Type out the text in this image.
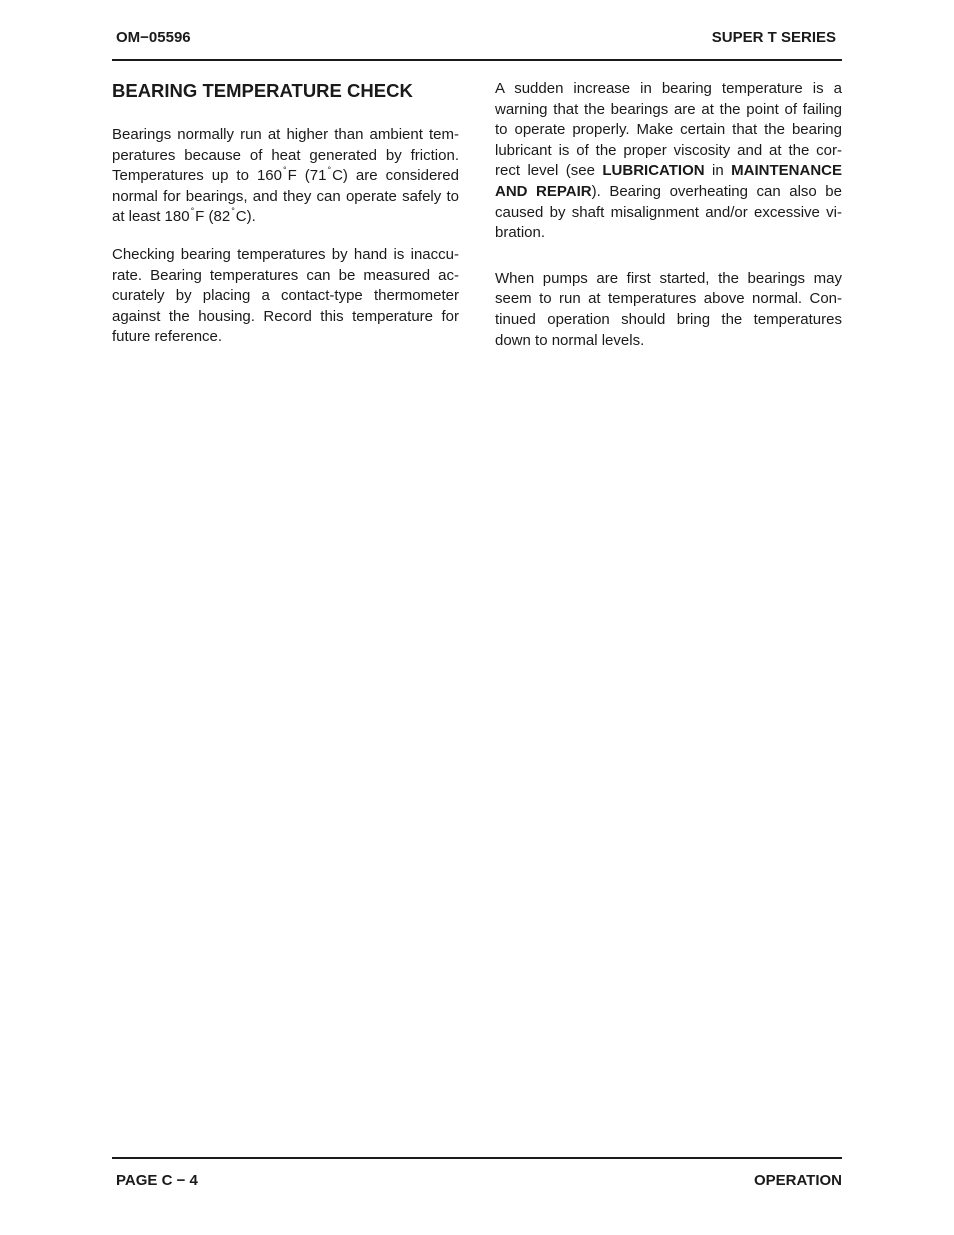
OM−05596	SUPER T SERIES
BEARING TEMPERATURE CHECK

Bearings normally run at higher than ambient tem-peratures because of heat generated by friction. Temperatures up to 160°F (71°C) are considered normal for bearings, and they can operate safely to at least 180°F (82°C).

Checking bearing temperatures by hand is inaccu-rate. Bearing temperatures can be measured ac-curately by placing a contact-type thermometer against the housing. Record this temperature for future reference.

A sudden increase in bearing temperature is a warning that the bearings are at the point of failing to operate properly. Make certain that the bearing lubricant is of the proper viscosity and at the cor-rect level (see LUBRICATION in MAINTENANCE AND REPAIR). Bearing overheating can also be caused by shaft misalignment and/or excessive vi-bration.

When pumps are first started, the bearings may seem to run at temperatures above normal. Con-tinued operation should bring the temperatures down to normal levels.

PAGE C − 4	OPERATION
